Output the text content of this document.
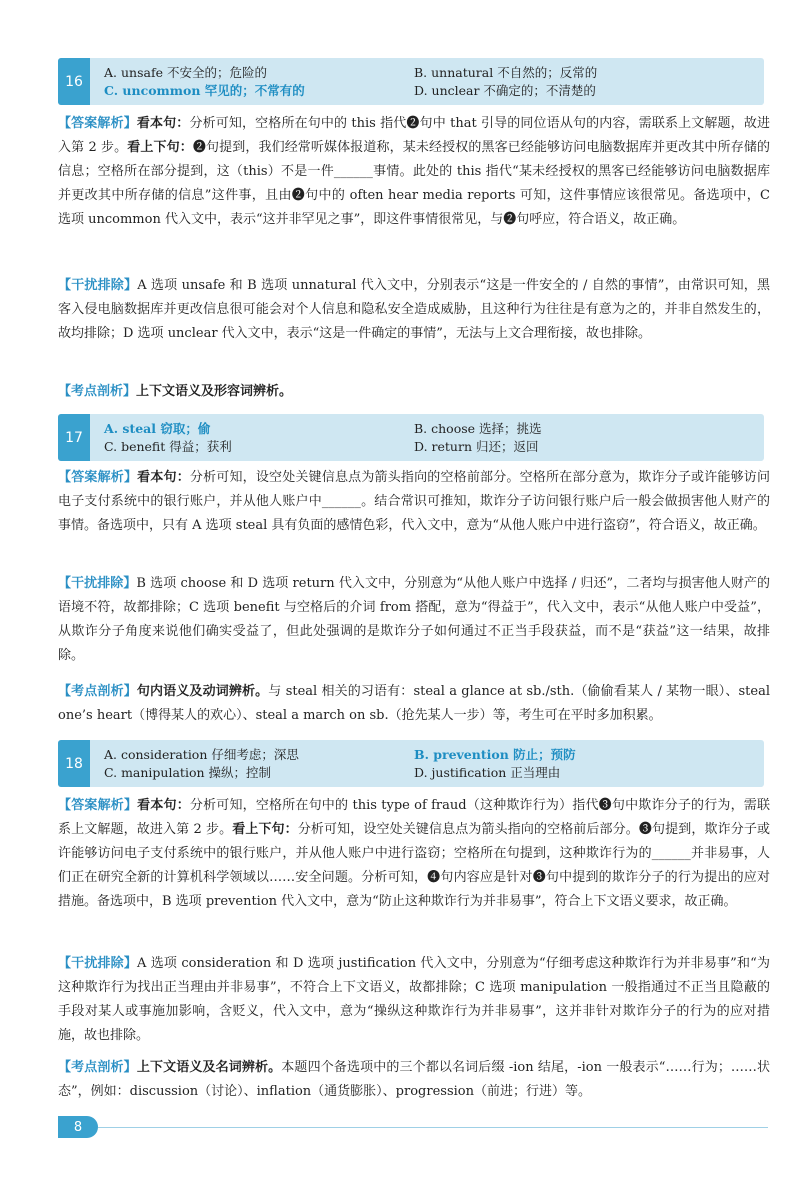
16
A. unsafe 不安全的；危险的	B. unnatural 不自然的；反常的
C. uncommon 罕见的；不常有的	D. unclear 不确定的；不清楚的
【答案解析】看本句：分析可知，空格所在句中的 this 指代❷句中 that 引导的同位语从句的内容，需联系上文解题，故进入第 2 步。看上下句：❷句提到，我们经常听媒体报道称，某未经授权的黑客已经能够访问电脑数据库并更改其中所存储的信息；空格所在部分提到，这（this）不是一件______事情。此处的 this 指代“某未经授权的黑客已经能够访问电脑数据库并更改其中所存储的信息”这件事，且由❷句中的 often hear media reports 可知，这件事情应该很常见。备选项中，C 选项 uncommon 代入文中，表示“这并非罕见之事”，即这件事情很常见，与❷句呼应，符合语义，故正确。
【干扰排除】A 选项 unsafe 和 B 选项 unnatural 代入文中，分别表示“这是一件安全的 / 自然的事情”，由常识可知，黑客入侵电脑数据库并更改信息很可能会对个人信息和隐私安全造成威胁，且这种行为往往是有意为之的，并非自然发生的，故均排除；D 选项 unclear 代入文中，表示“这是一件确定的事情”，无法与上文合理衔接，故也排除。
【考点剖析】上下文语义及形容词辨析。
17
A. steal 窃取；偷	B. choose 选择；挑选
C. benefit 得益；获利	D. return 归还；返回
【答案解析】看本句：分析可知，设空处关键信息点为箭头指向的空格前部分。空格所在部分意为，欺诈分子或许能够访问电子支付系统中的银行账户，并从他人账户中______。结合常识可推知，欺诈分子访问银行账户后一般会做损害他人财产的事情。备选项中，只有 A 选项 steal 具有负面的感情色彩，代入文中，意为“从他人账户中进行盗窃”，符合语义，故正确。
【干扰排除】B 选项 choose 和 D 选项 return 代入文中，分别意为“从他人账户中选择 / 归还”，二者均与损害他人财产的语境不符，故都排除；C 选项 benefit 与空格后的介词 from 搭配，意为“得益于”，代入文中，表示“从他人账户中受益”，从欺诈分子角度来说他们确实受益了，但此处强调的是欺诈分子如何通过不正当手段获益，而不是“获益”这一结果，故排除。
【考点剖析】句内语义及动词辨析。与 steal 相关的习语有：steal a glance at sb./sth.（偷偷看某人 / 某物一眼）、steal one’s heart（博得某人的欢心）、steal a march on sb.（抢先某人一步）等，考生可在平时多加积累。
18
A. consideration 仔细考虑；深思	B. prevention 防止；预防
C. manipulation 操纵；控制	D. justification 正当理由
【答案解析】看本句：分析可知，空格所在句中的 this type of fraud（这种欺诈行为）指代❸句中欺诈分子的行为，需联系上文解题，故进入第 2 步。看上下句：分析可知，设空处关键信息点为箭头指向的空格前后部分。❸句提到，欺诈分子或许能够访问电子支付系统中的银行账户，并从他人账户中进行盗窃；空格所在句提到，这种欺诈行为的______并非易事，人们正在研究全新的计算机科学领域以……安全问题。分析可知，❹句内容应是针对❸句中提到的欺诈分子的行为提出的应对措施。备选项中，B 选项 prevention 代入文中，意为“防止这种欺诈行为并非易事”，符合上下文语义要求，故正确。
【干扰排除】A 选项 consideration 和 D 选项 justification 代入文中，分别意为“仔细考虑这种欺诈行为并非易事”和“为这种欺诈行为找出正当理由并非易事”，不符合上下文语义，故都排除；C 选项 manipulation 一般指通过不正当且隐蔽的手段对某人或事施加影响，含贬义，代入文中，意为“操纵这种欺诈行为并非易事”，这并非针对欺诈分子的行为的应对措施，故也排除。
【考点剖析】上下文语义及名词辨析。本题四个备选项中的三个都以名词后缀 -ion 结尾，-ion 一般表示“……行为；……状态”，例如：discussion（讨论）、inflation（通货膨胀）、progression（前进；行进）等。
8
